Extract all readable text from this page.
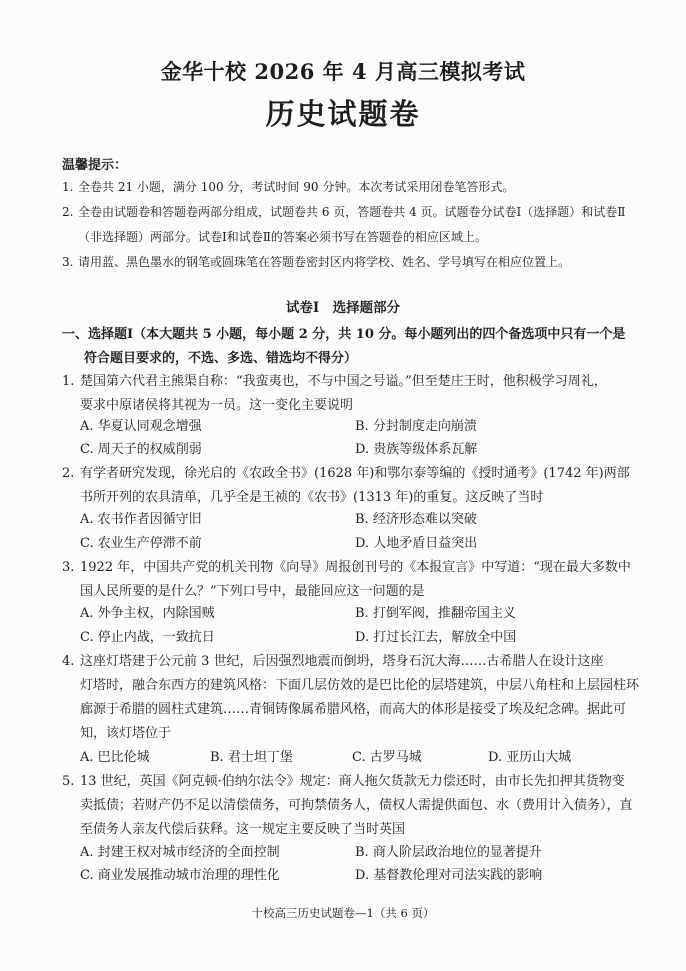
金华十校 2026 年 4 月高三模拟考试
历史试题卷
温馨提示：
1. 全卷共 21 小题，满分 100 分，考试时间 90 分钟。本次考试采用闭卷笔答形式。
2. 全卷由试题卷和答题卷两部分组成，试题卷共 6 页，答题卷共 4 页。试题卷分试卷Ⅰ（选择题）和试卷Ⅱ（非选择题）两部分。试卷Ⅰ和试卷Ⅱ的答案必须书写在答题卷的相应区域上。
3. 请用蓝、黑色墨水的钢笔或圆珠笔在答题卷密封区内将学校、姓名、学号填写在相应位置上。
试卷Ⅰ　选择题部分
一、选择题Ⅰ（本大题共 5 小题，每小题 2 分，共 10 分。每小题列出的四个备选项中只有一个是
符合题目要求的，不选、多选、错选均不得分）
1. 楚国第六代君主熊渠自称：“我蛮夷也，不与中国之号谥。”但至楚庄王时，他积极学习周礼，
要求中原诸侯将其视为一员。这一变化主要说明
A. 华夏认同观念增强	B. 分封制度走向崩溃
C. 周天子的权威削弱	D. 贵族等级体系瓦解
2. 有学者研究发现，徐光启的《农政全书》(1628 年)和鄂尔泰等编的《授时通考》(1742 年)两部
书所开列的农具清单，几乎全是王祯的《农书》(1313 年)的重复。这反映了当时
A. 农书作者因循守旧	B. 经济形态难以突破
C. 农业生产停滞不前	D. 人地矛盾日益突出
3. 1922 年，中国共产党的机关刊物《向导》周报创刊号的《本报宣言》中写道：“现在最大多数中
国人民所要的是什么？”下列口号中，最能回应这一问题的是
A. 外争主权，内除国贼	B. 打倒军阀，推翻帝国主义
C. 停止内战，一致抗日	D. 打过长江去，解放全中国
4. 这座灯塔建于公元前 3 世纪，后因强烈地震而倒坍，塔身石沉大海……古希腊人在设计这座
灯塔时，融合东西方的建筑风格：下面几层仿效的是巴比伦的层塔建筑，中层八角柱和上层园柱环廊源于希腊的圆柱式建筑……青铜铸像属希腊风格，而高大的体形是接受了埃及纪念碑。据此可知，该灯塔位于
A. 巴比伦城	B. 君士坦丁堡	C. 古罗马城	D. 亚历山大城
5. 13 世纪，英国《阿克顿·伯纳尔法令》规定：商人拖欠货款无力偿还时，由市长先扣押其货物变
卖抵债；若财产仍不足以清偿债务，可拘禁债务人，债权人需提供面包、水（费用计入债务），直至债务人亲友代偿后获释。这一规定主要反映了当时英国
A. 封建王权对城市经济的全面控制	B. 商人阶层政治地位的显著提升
C. 商业发展推动城市治理的理性化	D. 基督教伦理对司法实践的影响
十校高三历史试题卷—1（共 6 页）
